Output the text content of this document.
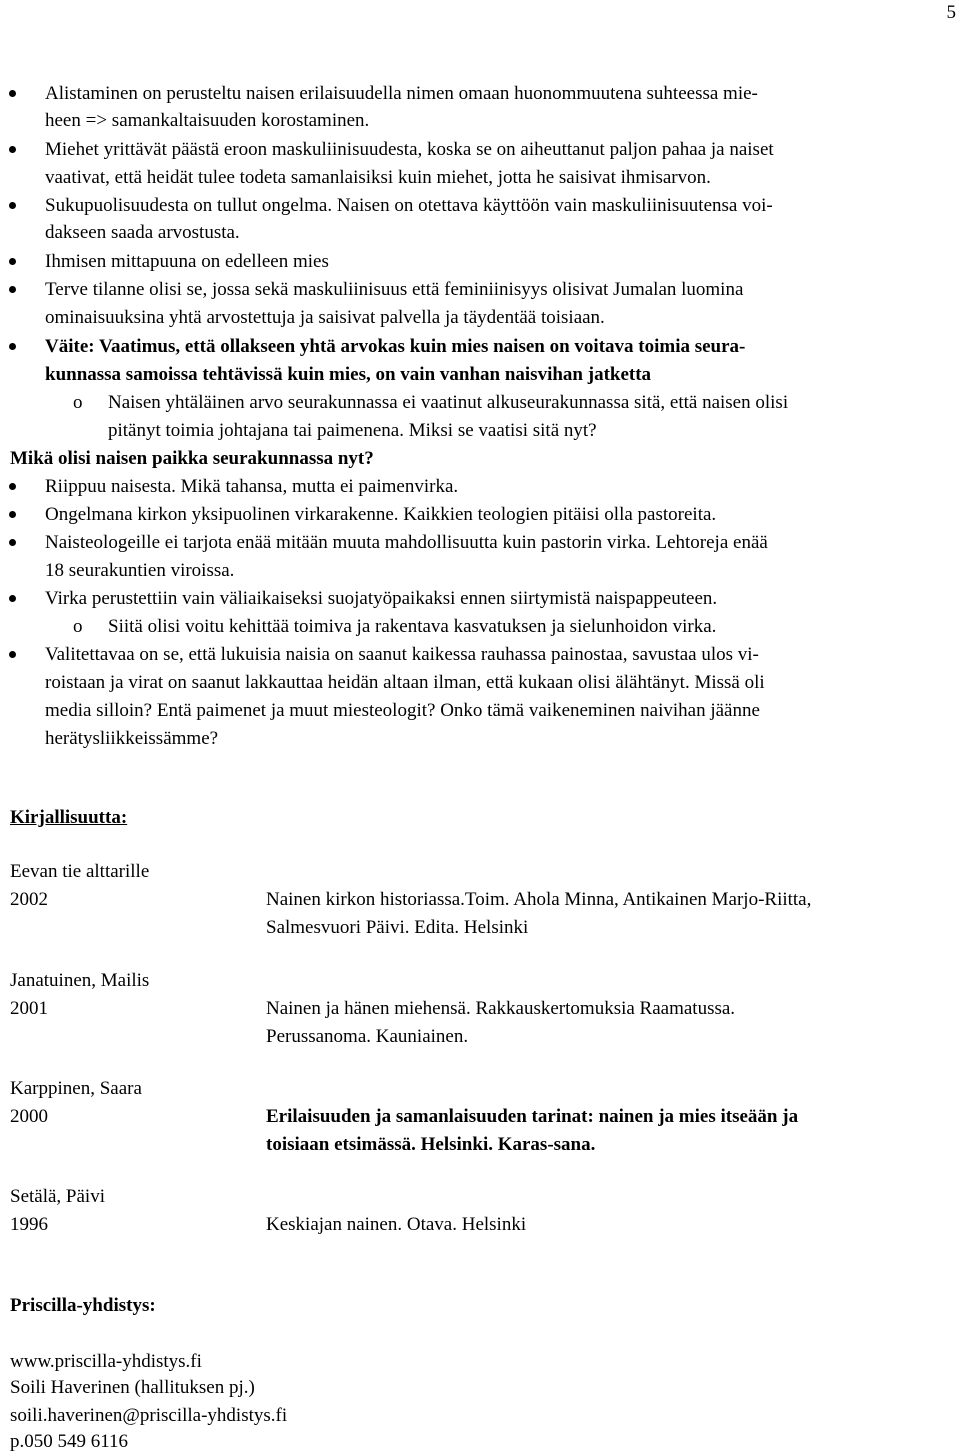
5
Alistaminen on perusteltu naisen erilaisuudella nimen omaan huonommuutena suhteessa mie-
heen => samankaltaisuuden korostaminen.
Miehet yrittävät päästä eroon maskuliinisuudesta, koska se on aiheuttanut paljon pahaa ja naiset
vaativat, että heidät tulee todeta samanlaisiksi kuin miehet, jotta he saisivat ihmisarvon.
Sukupuolisuudesta on tullut ongelma. Naisen on otettava käyttöön vain maskuliinisuutensa voi-
dakseen saada arvostusta.
Ihmisen mittapuuna on edelleen mies
Terve tilanne olisi se, jossa sekä maskuliinisuus että feminiinisyys olisivat Jumalan luomina
ominaisuuksina yhtä arvostettuja ja saisivat palvella ja täydentää toisiaan.
Väite: Vaatimus, että ollakseen yhtä arvokas kuin mies naisen on voitava toimia seura-
kunnassa samoissa tehtävissä kuin mies, on vain vanhan naisvihan jatketta
o Naisen yhtäläinen arvo seurakunnassa ei vaatinut alkuseurakunnassa sitä, että naisen olisi
pitänyt toimia johtajana tai paimenena. Miksi se vaatisi sitä nyt?
Mikä olisi naisen paikka seurakunnassa nyt?
Riippuu naisesta. Mikä tahansa, mutta ei paimenvirka.
Ongelmana kirkon yksipuolinen virkarakenne. Kaikkien teologien pitäisi olla pastoreita.
Naisteologeille ei tarjota enää mitään muuta mahdollisuutta kuin pastorin virka. Lehtoreja enää
18 seurakuntien viroissa.
Virka perustettiin vain väliaikaiseksi suojatyöpaikaksi ennen siirtymistä naispappeuteen.
o Siitä olisi voitu kehittää toimiva ja rakentava kasvatuksen ja sielunhoidon virka.
Valitettavaa on se, että lukuisia naisia on saanut kaikessa rauhassa painostaa, savustaa ulos vi-
roistaan ja virat on saanut lakkauttaa heidän altaan ilman, että kukaan olisi älähtänyt. Missä oli
media silloin? Entä paimenet ja muut miesteologit? Onko tämä vaikeneminen naivihan jäänne
herätysliikkeissämme?
Kirjallisuutta:
Eevan tie alttarille
2002	Nainen kirkon historiassa.Toim. Ahola Minna, Antikainen Marjo-Riitta,
Salmesvuori Päivi. Edita. Helsinki
Janatuinen, Mailis
2001	Nainen ja hänen miehensä. Rakkauskertomuksia Raamatussa.
Perussanoma. Kauniainen.
Karppinen, Saara
2000	Erilaisuuden ja samanlaisuuden tarinat: nainen ja mies itseään ja
toisiaan etsimässä. Helsinki. Karas-sana.
Setälä, Päivi
1996	Keskiajan nainen. Otava. Helsinki
Priscilla-yhdistys:
www.priscilla-yhdistys.fi
Soili Haverinen (hallituksen pj.)
soili.haverinen@priscilla-yhdistys.fi
p.050 549 6116
